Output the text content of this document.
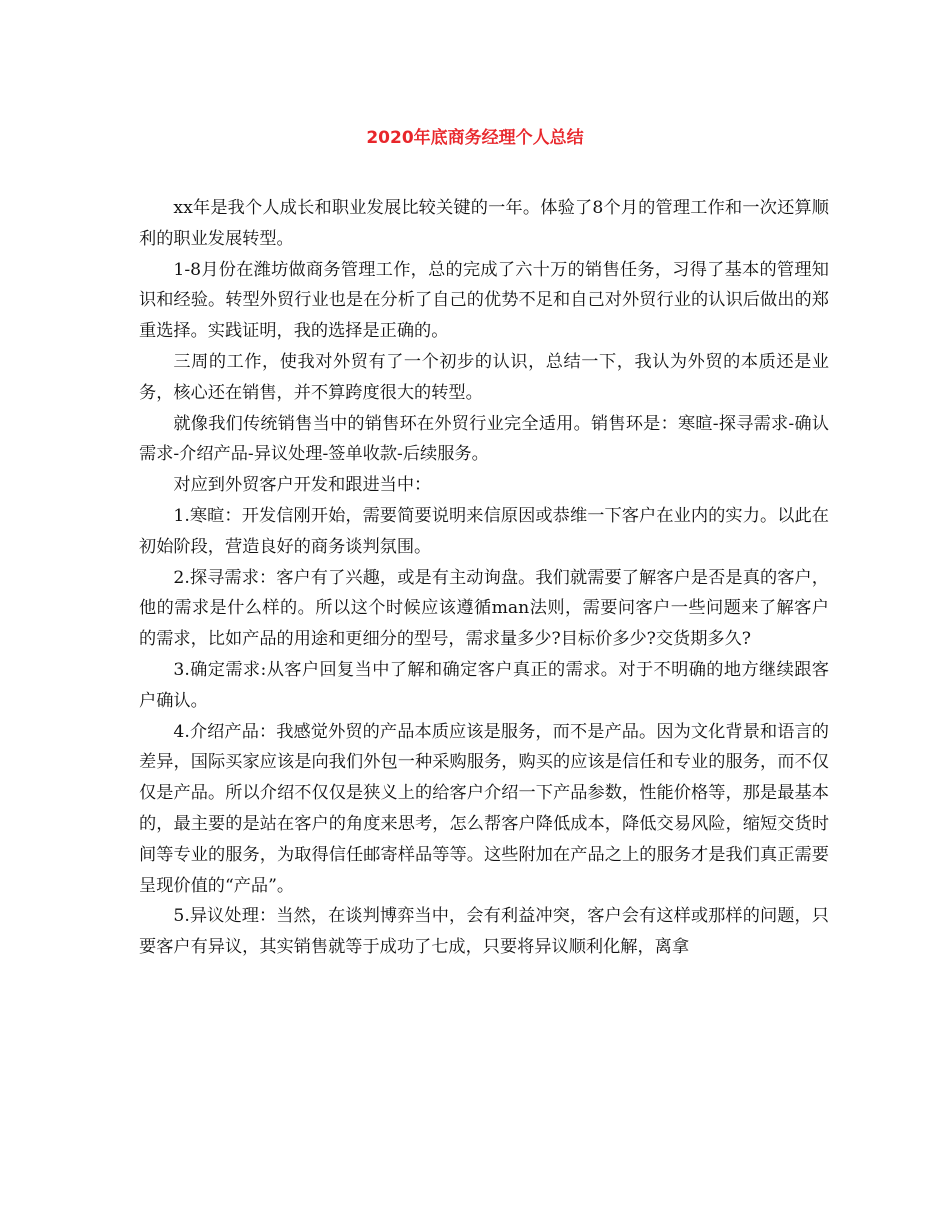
2020年底商务经理个人总结

xx年是我个人成长和职业发展比较关键的一年。体验了8个月的管理工作和一次还算顺利的职业发展转型。

1-8月份在潍坊做商务管理工作，总的完成了六十万的销售任务，习得了基本的管理知识和经验。转型外贸行业也是在分析了自己的优势不足和自己对外贸行业的认识后做出的郑重选择。实践证明，我的选择是正确的。

三周的工作，使我对外贸有了一个初步的认识，总结一下，我认为外贸的本质还是业务，核心还在销售，并不算跨度很大的转型。

就像我们传统销售当中的销售环在外贸行业完全适用。销售环是：寒暄-探寻需求-确认需求-介绍产品-异议处理-签单收款-后续服务。

对应到外贸客户开发和跟进当中：

1.寒暄：开发信刚开始，需要简要说明来信原因或恭维一下客户在业内的实力。以此在初始阶段，营造良好的商务谈判氛围。

2.探寻需求：客户有了兴趣，或是有主动询盘。我们就需要了解客户是否是真的客户，他的需求是什么样的。所以这个时候应该遵循man法则，需要问客户一些问题来了解客户的需求，比如产品的用途和更细分的型号，需求量多少?目标价多少?交货期多久?

3.确定需求:从客户回复当中了解和确定客户真正的需求。对于不明确的地方继续跟客户确认。

4.介绍产品：我感觉外贸的产品本质应该是服务，而不是产品。因为文化背景和语言的差异，国际买家应该是向我们外包一种采购服务，购买的应该是信任和专业的服务，而不仅仅是产品。所以介绍不仅仅是狭义上的给客户介绍一下产品参数，性能价格等，那是最基本的，最主要的是站在客户的角度来思考，怎么帮客户降低成本，降低交易风险，缩短交货时间等专业的服务，为取得信任邮寄样品等等。这些附加在产品之上的服务才是我们真正需要呈现价值的“产品”。

5.异议处理：当然，在谈判博弈当中，会有利益冲突，客户会有这样或那样的问题，只要客户有异议，其实销售就等于成功了七成，只要将异议顺利化解，离拿
